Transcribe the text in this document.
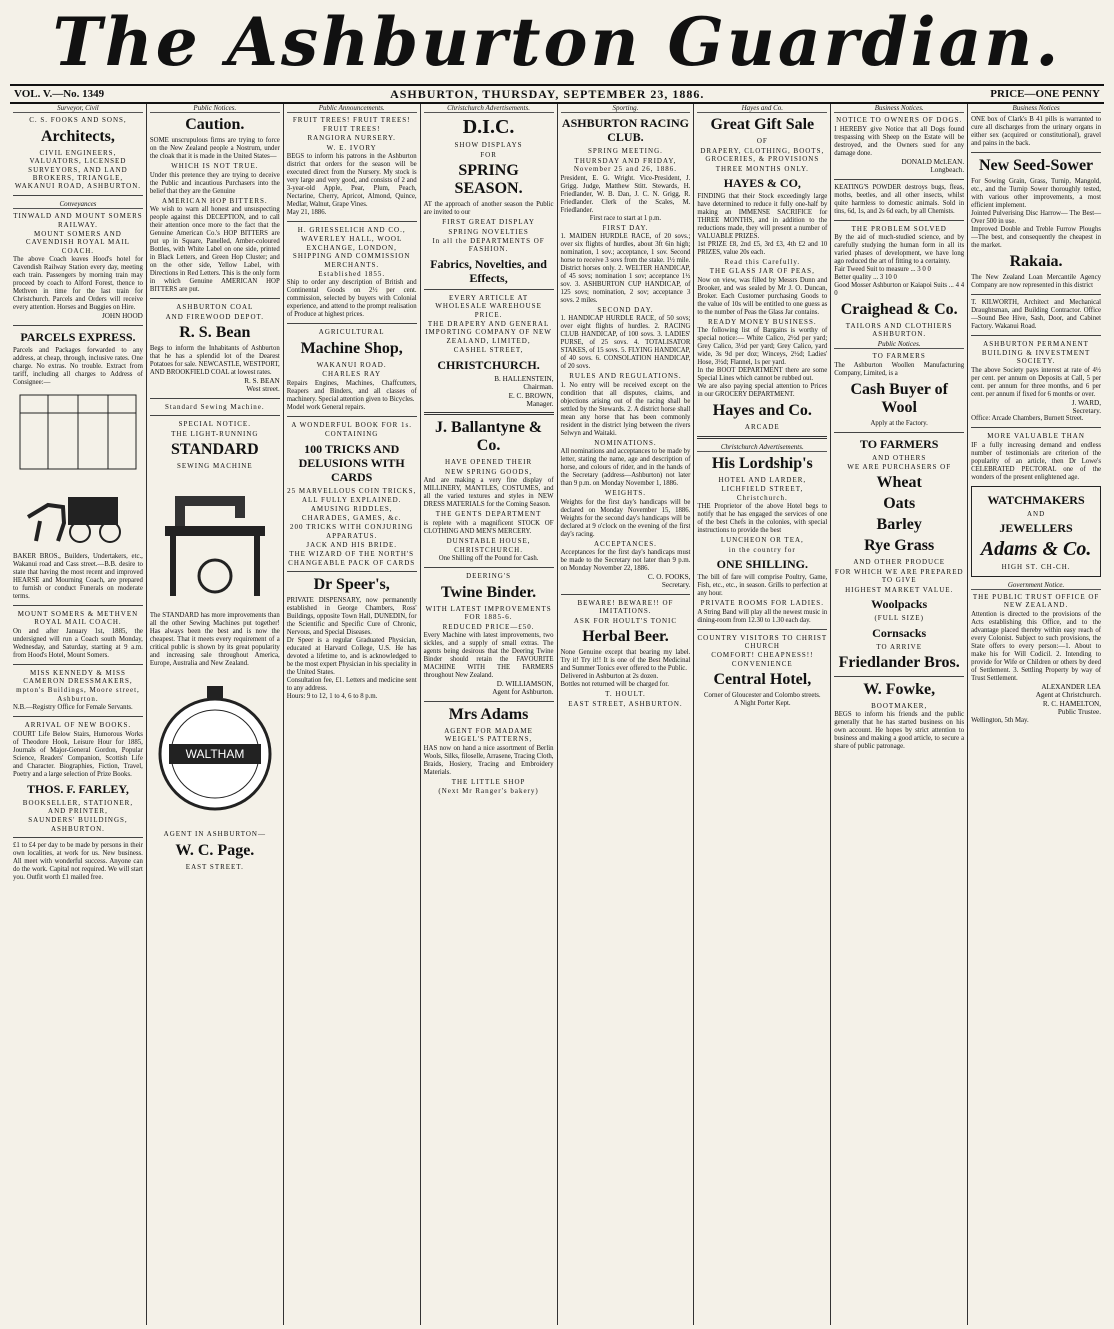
The Ashburton Guardian.
VOL. V.—No. 1349	ASHBURTON, THURSDAY, SEPTEMBER 23, 1886.	PRICE—ONE PENNY
Surveyor, Civil
C. S. FOOKS AND SONS,
Architects,
CIVIL ENGINEERS, VALUATORS, LICENSED SURVEYORS, AND LAND BROKERS, TRIANGLE, WAKANUI ROAD, ASHBURTON.
Conveyances
TINWALD AND MOUNT SOMERS RAILWAY.
MOUNT SOMERS AND CAVENDISH ROYAL MAIL COACH.
The above Coach leaves Hood's hotel for Cavendish Railway Station every day, meeting each train. Passengers by morning train may proceed by coach to Alford Forest, thence to Methven in time for the last train for Christchurch. Parcels and Orders will receive every attention. Horses and Buggies on Hire.
JOHN HOOD
PARCELS EXPRESS.
Parcels and Packages forwarded to any address, at cheap, through, inclusive rates. One charge. No extras. No trouble. Extract from tariff, including all charges to Address of Consignee:—
BAKER BROS., Builders, Undertakers, etc., Wakanui road and Cass street.—B.B. desire to state that having the most recent and improved HEARSE and Mourning Coach, are prepared to furnish or conduct Funerals on moderate terms.
MOUNT SOMERS & METHVEN ROYAL MAIL COACH.
On and after January 1st, 1885, the undersigned will run a Coach south Monday, Wednesday, and Saturday, starting at 9 a.m. from Hood's Hotel, Mount Somers.
MISS KENNEDY & MISS CAMERON DRESSMAKERS,
mpton's Buildings, Moore street, Ashburton.
N.B.—Registry Office for Female Servants.
ARRIVAL OF NEW BOOKS.
COURT Life Below Stairs, Humorous Works of Theodore Hook, Leisure Hour for 1885, Journals of Major-General Gordon, Popular Science, Readers' Companion, Scottish Life and Character. Biographies, Fiction, Travel, Poetry and a large selection of Prize Books.
THOS. F. FARLEY,
BOOKSELLER, STATIONER, AND PRINTER,
SAUNDERS' BUILDINGS, ASHBURTON.
£1 to £4 per day to be made by persons in their own localities, at work for us. New business. All meet with wonderful success. Anyone can do the work. Capital not required. We will start you. Outfit worth £1 mailed free.
Public Notices.
Caution.
SOME unscrupulous firms are trying to force on the New Zealand people a Nostrum, under the cloak that it is made in the United States—
WHICH IS NOT TRUE.
Under this pretence they are trying to deceive the Public and incautious Purchasers into the belief that they are the Genuine
AMERICAN HOP BITTERS.
We wish to warn all honest and unsuspecting people against this DECEPTION, and to call their attention once more to the fact that the Genuine American Co.'s HOP BITTERS are put up in Square, Panelled, Amber-coloured Bottles, with White Label on one side, printed in Black Letters, and Green Hop Cluster; and on the other side, Yellow Label, with Directions in Red Letters. This is the only form in which Genuine AMERICAN HOP BITTERS are put.
ASHBURTON COAL
AND FIREWOOD DEPOT.
R. S. Bean
Begs to inform the Inhabitants of Ashburton that he has a splendid lot of the Dearest Potatoes for sale. NEWCASTLE, WESTPORT, AND BROOKFIELD COAL at lowest rates.
R. S. BEAN
West street.
Standard Sewing Machine.
SPECIAL NOTICE.
THE LIGHT-RUNNING
STANDARD
SEWING MACHINE
The STANDARD has more improvements than all the other Sewing Machines put together! Has always been the best and is now the cheapest. That it meets every requirement of a critical public is shown by its great popularity and increasing sale throughout America, Europe, Australia and New Zealand.
WALTHAM
AGENT IN ASHBURTON—
W. C. Page.
EAST STREET.
Public Announcements.
FRUIT TREES! FRUIT TREES! FRUIT TREES!
RANGIORA NURSERY.
W. E. IVORY
BEGS to inform his patrons in the Ashburton district that orders for the season will be executed direct from the Nursery. My stock is very large and very good, and consists of 2 and 3-year-old Apple, Pear, Plum, Peach, Nectarine, Cherry, Apricot, Almond, Quince, Medlar, Walnut, Grape Vines.
May 21, 1886.
H. GRIESSELICH AND CO.,
WAVERLEY HALL, WOOL EXCHANGE, LONDON, SHIPPING AND COMMISSION MERCHANTS.
Established 1855.
Ship to order any description of British and Continental Goods on 2½ per cent. commission, selected by buyers with Colonial experience, and attend to the prompt realisation of Produce at highest prices.
AGRICULTURAL
Machine Shop,
WAKANUI ROAD.
CHARLES RAY
Repairs Engines, Machines, Chaffcutters, Reapers and Binders, and all classes of machinery. Special attention given to Bicycles.
Model work General repairs.
A WONDERFUL BOOK FOR 1s.
CONTAINING
100 TRICKS AND DELUSIONS WITH CARDS
25 MARVELLOUS COIN TRICKS,
ALL FULLY EXPLAINED.
AMUSING RIDDLES, CHARADES, GAMES, &c.
200 TRICKS WITH CONJURING APPARATUS.
JACK AND HIS BRIDE.
THE WIZARD OF THE NORTH'S CHANGEABLE PACK OF CARDS
Dr Speer's,
PRIVATE DISPENSARY, now permanently established in George Chambers, Ross' Buildings, opposite Town Hall, DUNEDIN, for the Scientific and Specific Cure of Chronic, Nervous, and Special Diseases.
Dr Speer is a regular Graduated Physician, educated at Harvard College, U.S. He has devoted a lifetime to, and is acknowledged to be the most expert Physician in his speciality in the United States.
Consultation fee, £1. Letters and medicine sent to any address.
Hours: 9 to 12, 1 to 4, 6 to 8 p.m.
Christchurch Advertisements.
D.I.C.
SHOW DISPLAYS
FOR
SPRING SEASON.
AT the approach of another season the Public are invited to our
FIRST GREAT DISPLAY
SPRING NOVELTIES
In all the DEPARTMENTS OF FASHION.
Fabrics, Novelties, and Effects,
EVERY ARTICLE AT WHOLESALE WAREHOUSE PRICE.
THE DRAPERY AND GENERAL IMPORTING COMPANY OF NEW ZEALAND, LIMITED,
CASHEL STREET,
CHRISTCHURCH.
B. HALLENSTEIN,
Chairman.
E. C. BROWN,
Manager.
J. Ballantyne & Co.
HAVE OPENED THEIR
NEW SPRING GOODS,
And are making a very fine display of MILLINERY, MANTLES, COSTUMES, and all the varied textures and styles in NEW DRESS MATERIALS for the Coming Season.
THE GENTS DEPARTMENT
is replete with a magnificent STOCK OF CLOTHING AND MEN'S MERCERY.
DUNSTABLE HOUSE,
CHRISTCHURCH.
One Shilling off the Pound for Cash.
DEERING'S
Twine Binder.
WITH LATEST IMPROVEMENTS FOR 1885-6.
REDUCED PRICE—£50.
Every Machine with latest improvements, two sickles, and a supply of small extras. The agents being desirous that the Deering Twine Binder should retain the FAVOURITE MACHINE WITH THE FARMERS throughout New Zealand.
D. WILLIAMSON,
Agent for Ashburton.
Mrs Adams
AGENT FOR MADAME WEIGEL'S PATTERNS,
HAS now on hand a nice assortment of Berlin Wools, Silks, filoselle, Arrasene, Tracing Cloth, Braids, Hosiery, Tracing and Embroidery Materials.
THE LITTLE SHOP
(Next Mr Ranger's bakery)
Sporting.
ASHBURTON RACING CLUB.
SPRING MEETING.
THURSDAY AND FRIDAY, November 25 and 26, 1886.
President, E. G. Wright. Vice-President, J. Grigg. Judge, Matthew Stitt. Stewards, H. Friedlander, W. B. Dan, J. C. N. Grigg, R. Friedlander. Clerk of the Scales, M. Friedlander.
First race to start at 1 p.m.
FIRST DAY.
1. MAIDEN HURDLE RACE, of 20 sovs.; over six flights of hurdles, about 3ft 6in high; nomination, 1 sov.; acceptance, 1 sov. Second horse to receive 3 sovs from the stake. 1½ mile. District horses only. 2. WELTER HANDICAP, of 45 sovs; nomination 1 sov; acceptance 1½ sov. 3. ASHBURTON CUP HANDICAP, of 125 sovs; nomination, 2 sov; acceptance 3 sovs. 2 miles.
SECOND DAY.
1. HANDICAP HURDLE RACE, of 50 sovs; over eight flights of hurdles. 2. RACING CLUB HANDICAP, of 100 sovs. 3. LADIES' PURSE, of 25 sovs. 4. TOTALISATOR STAKES, of 15 sovs. 5. FLYING HANDICAP, of 40 sovs. 6. CONSOLATION HANDICAP, of 20 sovs.
RULES AND REGULATIONS.
1. No entry will be received except on the condition that all disputes, claims, and objections arising out of the racing shall be settled by the Stewards. 2. A district horse shall mean any horse that has been commonly resident in the district lying between the rivers Selwyn and Waitaki.
NOMINATIONS.
All nominations and acceptances to be made by letter, stating the name, age and description of horse, and colours of rider, and in the hands of the Secretary (address—Ashburton) not later than 9 p.m. on Monday November 1, 1886.
WEIGHTS.
Weights for the first day's handicaps will be declared on Monday November 15, 1886. Weights for the second day's handicaps will be declared at 9 o'clock on the evening of the first day's racing.
ACCEPTANCES.
Acceptances for the first day's handicaps must be made to the Secretary not later than 9 p.m. on Monday November 22, 1886.
C. O. FOOKS,
Secretary.
BEWARE! BEWARE!! OF IMITATIONS.
ASK FOR HOULT'S TONIC
Herbal Beer.
None Genuine except that bearing my label. Try it! Try it!! It is one of the Best Medicinal and Summer Tonics ever offered to the Public.
Delivered in Ashburton at 2s dozen.
Bottles not returned will be charged for.
T. HOULT.
EAST STREET, ASHBURTON.
Hayes and Co.
Great Gift Sale
OF
DRAPERY, CLOTHING, BOOTS, GROCERIES, & PROVISIONS
THREE MONTHS ONLY.
HAYES & CO,
FINDING that their Stock exceedingly large have determined to reduce it fully one-half by making an IMMENSE SACRIFICE for THREE MONTHS, and in addition to the reductions made, they will present a number of VALUABLE PRIZES.
1st PRIZE £8, 2nd £5, 3rd £3, 4th £2 and 10 PRIZES, value 20s each.
Read this Carefully.
THE GLASS JAR OF PEAS,
Now on view, was filled by Messrs Dunn and Brooker, and was sealed by Mr J. O. Duncan, Broker. Each Customer purchasing Goods to the value of 10s will be entitled to one guess as to the number of Peas the Glass Jar contains.
READY MONEY BUSINESS.
The following list of Bargains is worthy of special notice:— White Calico, 2½d per yard; Grey Calico, 3½d per yard; Grey Calico, yard wide, 3s 9d per doz; Winceys, 2½d; Ladies' Hose, 3½d; Flannel, 1s per yard.
In the BOOT DEPARTMENT there are some Special Lines which cannot be rubbed out.
We are also paying special attention to Prices in our GROCERY DEPARTMENT.
Hayes and Co.
ARCADE
Christchurch Advertisements.
His Lordship's
HOTEL AND LARDER,
LICHFIELD STREET, Christchurch.
THE Proprietor of the above Hotel begs to notify that he has engaged the services of one of the best Chefs in the colonies, with special instructions to provide the best
LUNCHEON OR TEA,
in the country for
ONE SHILLING.
The bill of fare will comprise Poultry, Game, Fish, etc., etc., in season. Grills to perfection at any hour.
PRIVATE ROOMS FOR LADIES.
A String Band will play all the newest music in dining-room from 12.30 to 1.30 each day.
COUNTRY VISITORS TO CHRIST CHURCH
COMFORT! CHEAPNESS!! CONVENIENCE
Central Hotel,
Corner of Gloucester and Colombo streets.
A Night Porter Kept.
Business Notices.
NOTICE TO OWNERS OF DOGS.
I HEREBY give Notice that all Dogs found trespassing with Sheep on the Estate will be destroyed, and the Owners sued for any damage done.
DONALD McLEAN.
Longbeach.
KEATING'S POWDER destroys bugs, fleas, moths, beetles, and all other insects, whilst quite harmless to domestic animals. Sold in tins, 6d, 1s, and 2s 6d each, by all Chemists.
THE PROBLEM SOLVED
By the aid of much-studied science, and by carefully studying the human form in all its varied phases of development, we have long ago reduced the art of fitting to a certainty.
Fair Tweed Suit to measure ... 3 0 0
Better quality ... 3 10 0
Good Mosser Ashburton or Kaiapoi Suits ... 4 4 0
Craighead & Co.
TAILORS AND CLOTHIERS ASHBURTON.
Public Notices.
TO FARMERS
The Ashburton Woollen Manufacturing Company, Limited, is a
Cash Buyer of Wool
Apply at the Factory.
TO FARMERS
AND OTHERS
WE ARE PURCHASERS OF
Wheat
Oats
Barley
Rye Grass
AND OTHER PRODUCE
FOR WHICH WE ARE PREPARED TO GIVE
HIGHEST MARKET VALUE.
Woolpacks
(FULL SIZE)
Cornsacks
TO ARRIVE
Friedlander Bros.
W. Fowke,
BOOTMAKER,
BEGS to inform his friends and the public generally that he has started business on his own account. He hopes by strict attention to business and making a good article, to secure a share of public patronage.
Business Notices
ONE box of Clark's B 41 pills is warranted to cure all discharges from the urinary organs in either sex (acquired or constitutional), gravel and pains in the back.
New Seed-Sower
For Sowing Grain, Grass, Turnip, Mangold, etc., and the Turnip Sower thoroughly tested, with various other improvements, a most efficient implement.
Jointed Pulverising Disc Harrow— The Best—Over 500 in use.
Improved Double and Treble Furrow Ploughs—The best, and consequently the cheapest in the market.
Rakaia.
The New Zealand Loan Mercantile Agency Company are now represented in this district
T. KILWORTH, Architect and Mechanical Draughtsman, and Building Contractor. Office—Sound Bee Hive, Sash, Door, and Cabinet Factory. Wakanui Road.
ASHBURTON PERMANENT BUILDING & INVESTMENT SOCIETY.
The above Society pays interest at rate of 4½ per cent. per annum on Deposits at Call, 5 per cent. per annum for three months, and 6 per cent. per annum if fixed for 6 months or over.
J. WARD,
Secretary.
Office: Arcade Chambers, Burnett Street.
MORE VALUABLE THAN
IF a fully increasing demand and endless number of testimonials are criterion of the popularity of an article, then Dr Lowe's CELEBRATED PECTORAL one of the wonders of the present enlightened age.
WATCHMAKERS
AND
JEWELLERS
Adams & Co.
HIGH ST. CH-CH.
Government Notice.
THE PUBLIC TRUST OFFICE OF NEW ZEALAND.
Attention is directed to the provisions of the Acts establishing this Office, and to the advantage placed thereby within easy reach of every Colonist. Subject to such provisions, the State offers to every person:—1. About to make his for Will Codicil. 2. Intending to provide for Wife or Children or others by deed of Settlement. 3. Settling Property by way of Trust Settlement.
ALEXANDER LEA
Agent at Christchurch.
R. C. HAMELTON,
Public Trustee.
Wellington, 5th May.
